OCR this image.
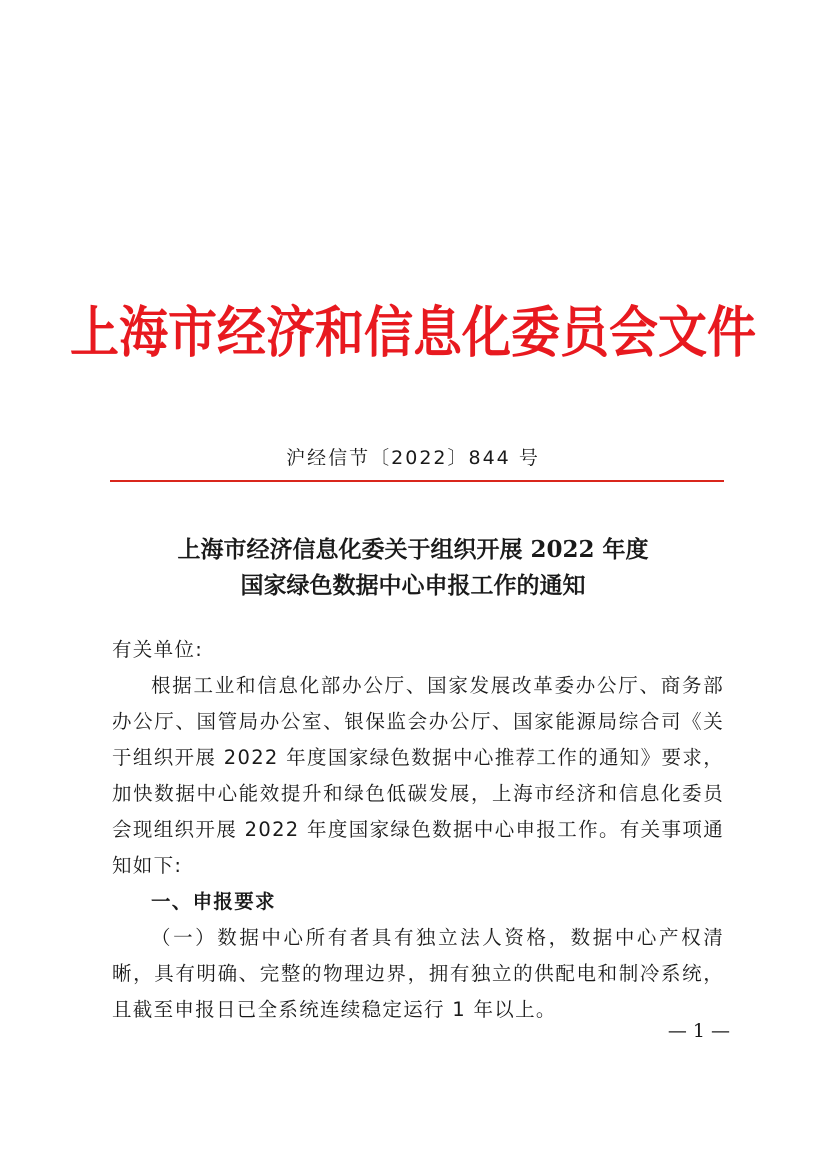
上海市经济和信息化委员会文件
沪经信节〔2022〕844 号
上海市经济信息化委关于组织开展 2022 年度
国家绿色数据中心申报工作的通知

有关单位:

根据工业和信息化部办公厅、国家发展改革委办公厅、商务部办公厅、国管局办公室、银保监会办公厅、国家能源局综合司《关于组织开展 2022 年度国家绿色数据中心推荐工作的通知》要求，加快数据中心能效提升和绿色低碳发展，上海市经济和信息化委员会现组织开展 2022 年度国家绿色数据中心申报工作。有关事项通知如下:

一、申报要求

（一）数据中心所有者具有独立法人资格，数据中心产权清晰，具有明确、完整的物理边界，拥有独立的供配电和制冷系统，且截至申报日已全系统连续稳定运行 1 年以上。

— 1 —
